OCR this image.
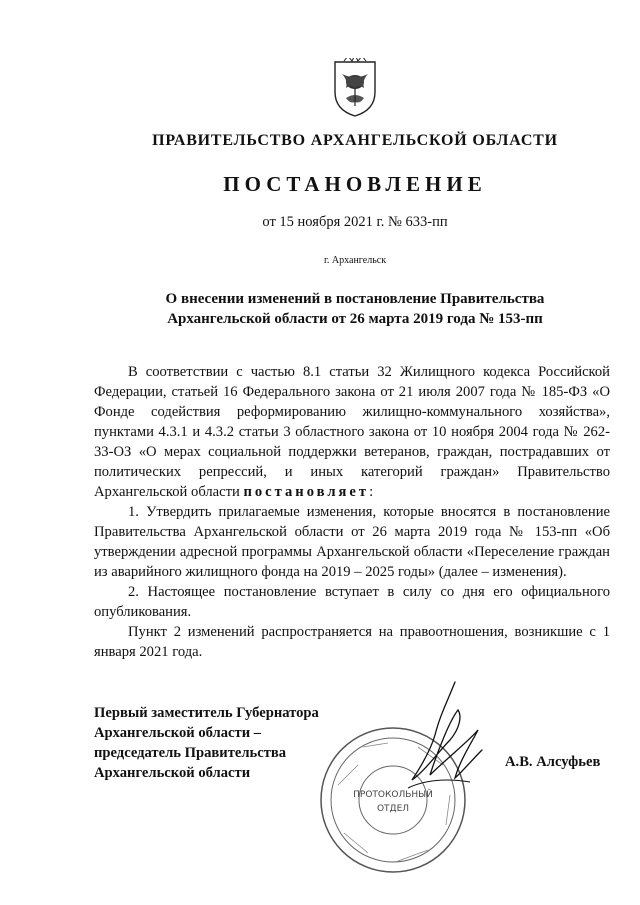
ПРАВИТЕЛЬСТВО АРХАНГЕЛЬСКОЙ ОБЛАСТИ
ПОСТАНОВЛЕНИЕ
от 15 ноября 2021 г. № 633-пп
г. Архангельск
О внесении изменений в постановление Правительства
Архангельской области от 26 марта 2019 года № 153-пп

В соответствии с частью 8.1 статьи 32 Жилищного кодекса Российской Федерации, статьей 16 Федерального закона от 21 июля 2007 года № 185-ФЗ «О Фонде содействия реформированию жилищно-коммунального хозяйства», пунктами 4.3.1 и 4.3.2 статьи 3 областного закона от 10 ноября 2004 года № 262-33-ОЗ «О мерах социальной поддержки ветеранов, граждан, пострадавших от политических репрессий, и иных категорий граждан» Правительство Архангельской области постановляет:

1. Утвердить прилагаемые изменения, которые вносятся в постановление Правительства Архангельской области от 26 марта 2019 года № 153-пп «Об утверждении адресной программы Архангельской области «Переселение граждан из аварийного жилищного фонда на 2019 – 2025 годы» (далее – изменения).

2. Настоящее постановление вступает в силу со дня его официального опубликования.

Пункт 2 изменений распространяется на правоотношения, возникшие с 1 января 2021 года.

Первый заместитель Губернатора
Архангельской области –
председатель Правительства
Архангельской области
ПРОТОКОЛЬНЫЙ
ОТДЕЛ
А.В. Алсуфьев
